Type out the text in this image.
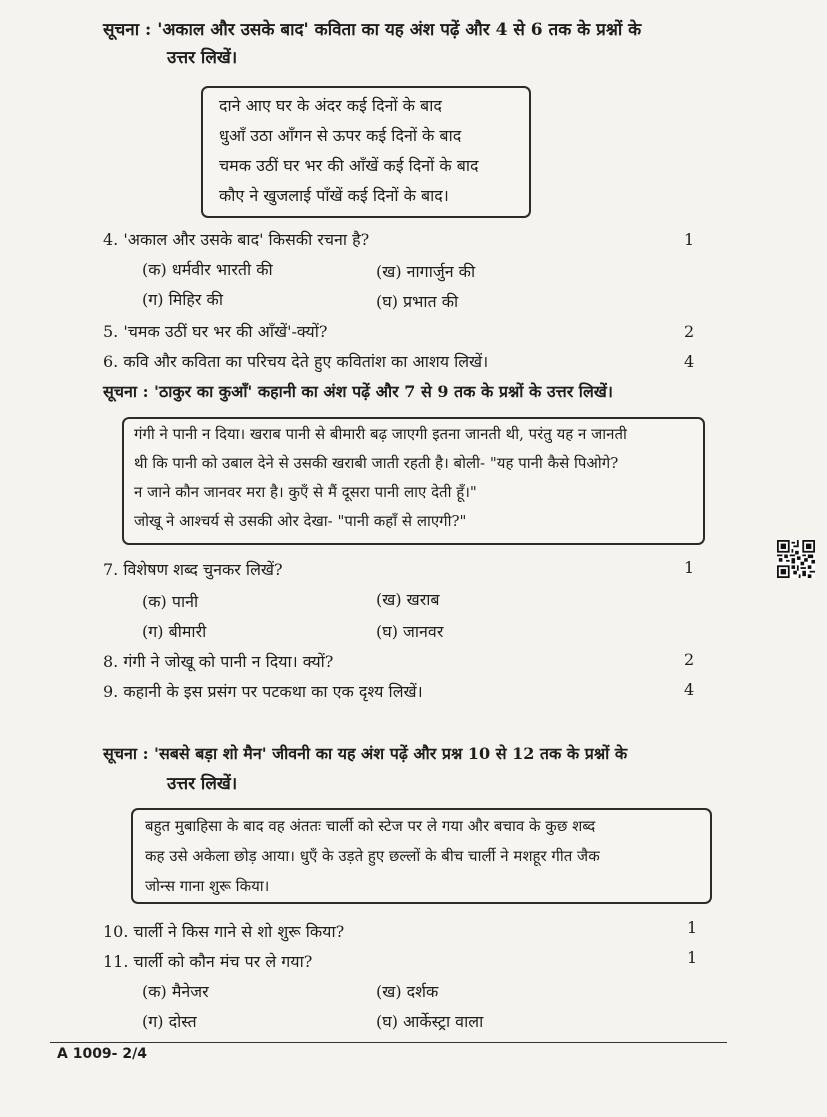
सूचना : 'अकाल और उसके बाद' कविता का यह अंश पढ़ें और 4 से 6 तक के प्रश्नों के
उत्तर लिखें।
दाने आए घर के अंदर कई दिनों के बाद
धुआँ उठा आँगन से ऊपर कई दिनों के बाद
चमक उठीं घर भर की आँखें कई दिनों के बाद
कौए ने खुजलाई पाँखें कई दिनों के बाद।
4. 'अकाल और उसके बाद' किसकी रचना है?	1
(क) धर्मवीर भारती की	(ख) नागार्जुन की
(ग) मिहिर की	(घ) प्रभात की
5. 'चमक उठीं घर भर की आँखें'-क्यों?	2
6. कवि और कविता का परिचय देते हुए कवितांश का आशय लिखें।	4
सूचना : 'ठाकुर का कुआँ' कहानी का अंश पढ़ें और 7 से 9 तक के प्रश्नों के उत्तर लिखें।
गंगी ने पानी न दिया। खराब पानी से बीमारी बढ़ जाएगी इतना जानती थी, परंतु यह न जानती
थी कि पानी को उबाल देने से उसकी खराबी जाती रहती है। बोली- "यह पानी कैसे पिओगे?
न जाने कौन जानवर मरा है। कुएँ से मैं दूसरा पानी लाए देती हूँ।"
जोखू ने आश्चर्य से उसकी ओर देखा- "पानी कहाँ से लाएगी?"
7. विशेषण शब्द चुनकर लिखें?	1
(क) पानी	(ख) खराब
(ग) बीमारी	(घ) जानवर
8. गंगी ने जोखू को पानी न दिया। क्यों?	2
9. कहानी के इस प्रसंग पर पटकथा का एक दृश्य लिखें।	4
सूचना : 'सबसे बड़ा शो मैन' जीवनी का यह अंश पढ़ें और प्रश्न 10 से 12 तक के प्रश्नों के
उत्तर लिखें।
बहुत मुबाहिसा के बाद वह अंततः चार्ली को स्टेज पर ले गया और बचाव के कुछ शब्द
कह उसे अकेला छोड़ आया। धुएँ के उड़ते हुए छल्लों के बीच चार्ली ने मशहूर गीत जैक
जोन्स गाना शुरू किया।
10. चार्ली ने किस गाने से शो शुरू किया?	1
11. चार्ली को कौन मंच पर ले गया?	1
(क) मैनेजर	(ख) दर्शक
(ग) दोस्त	(घ) आर्केस्ट्रा वाला
A 1009- 2/4
